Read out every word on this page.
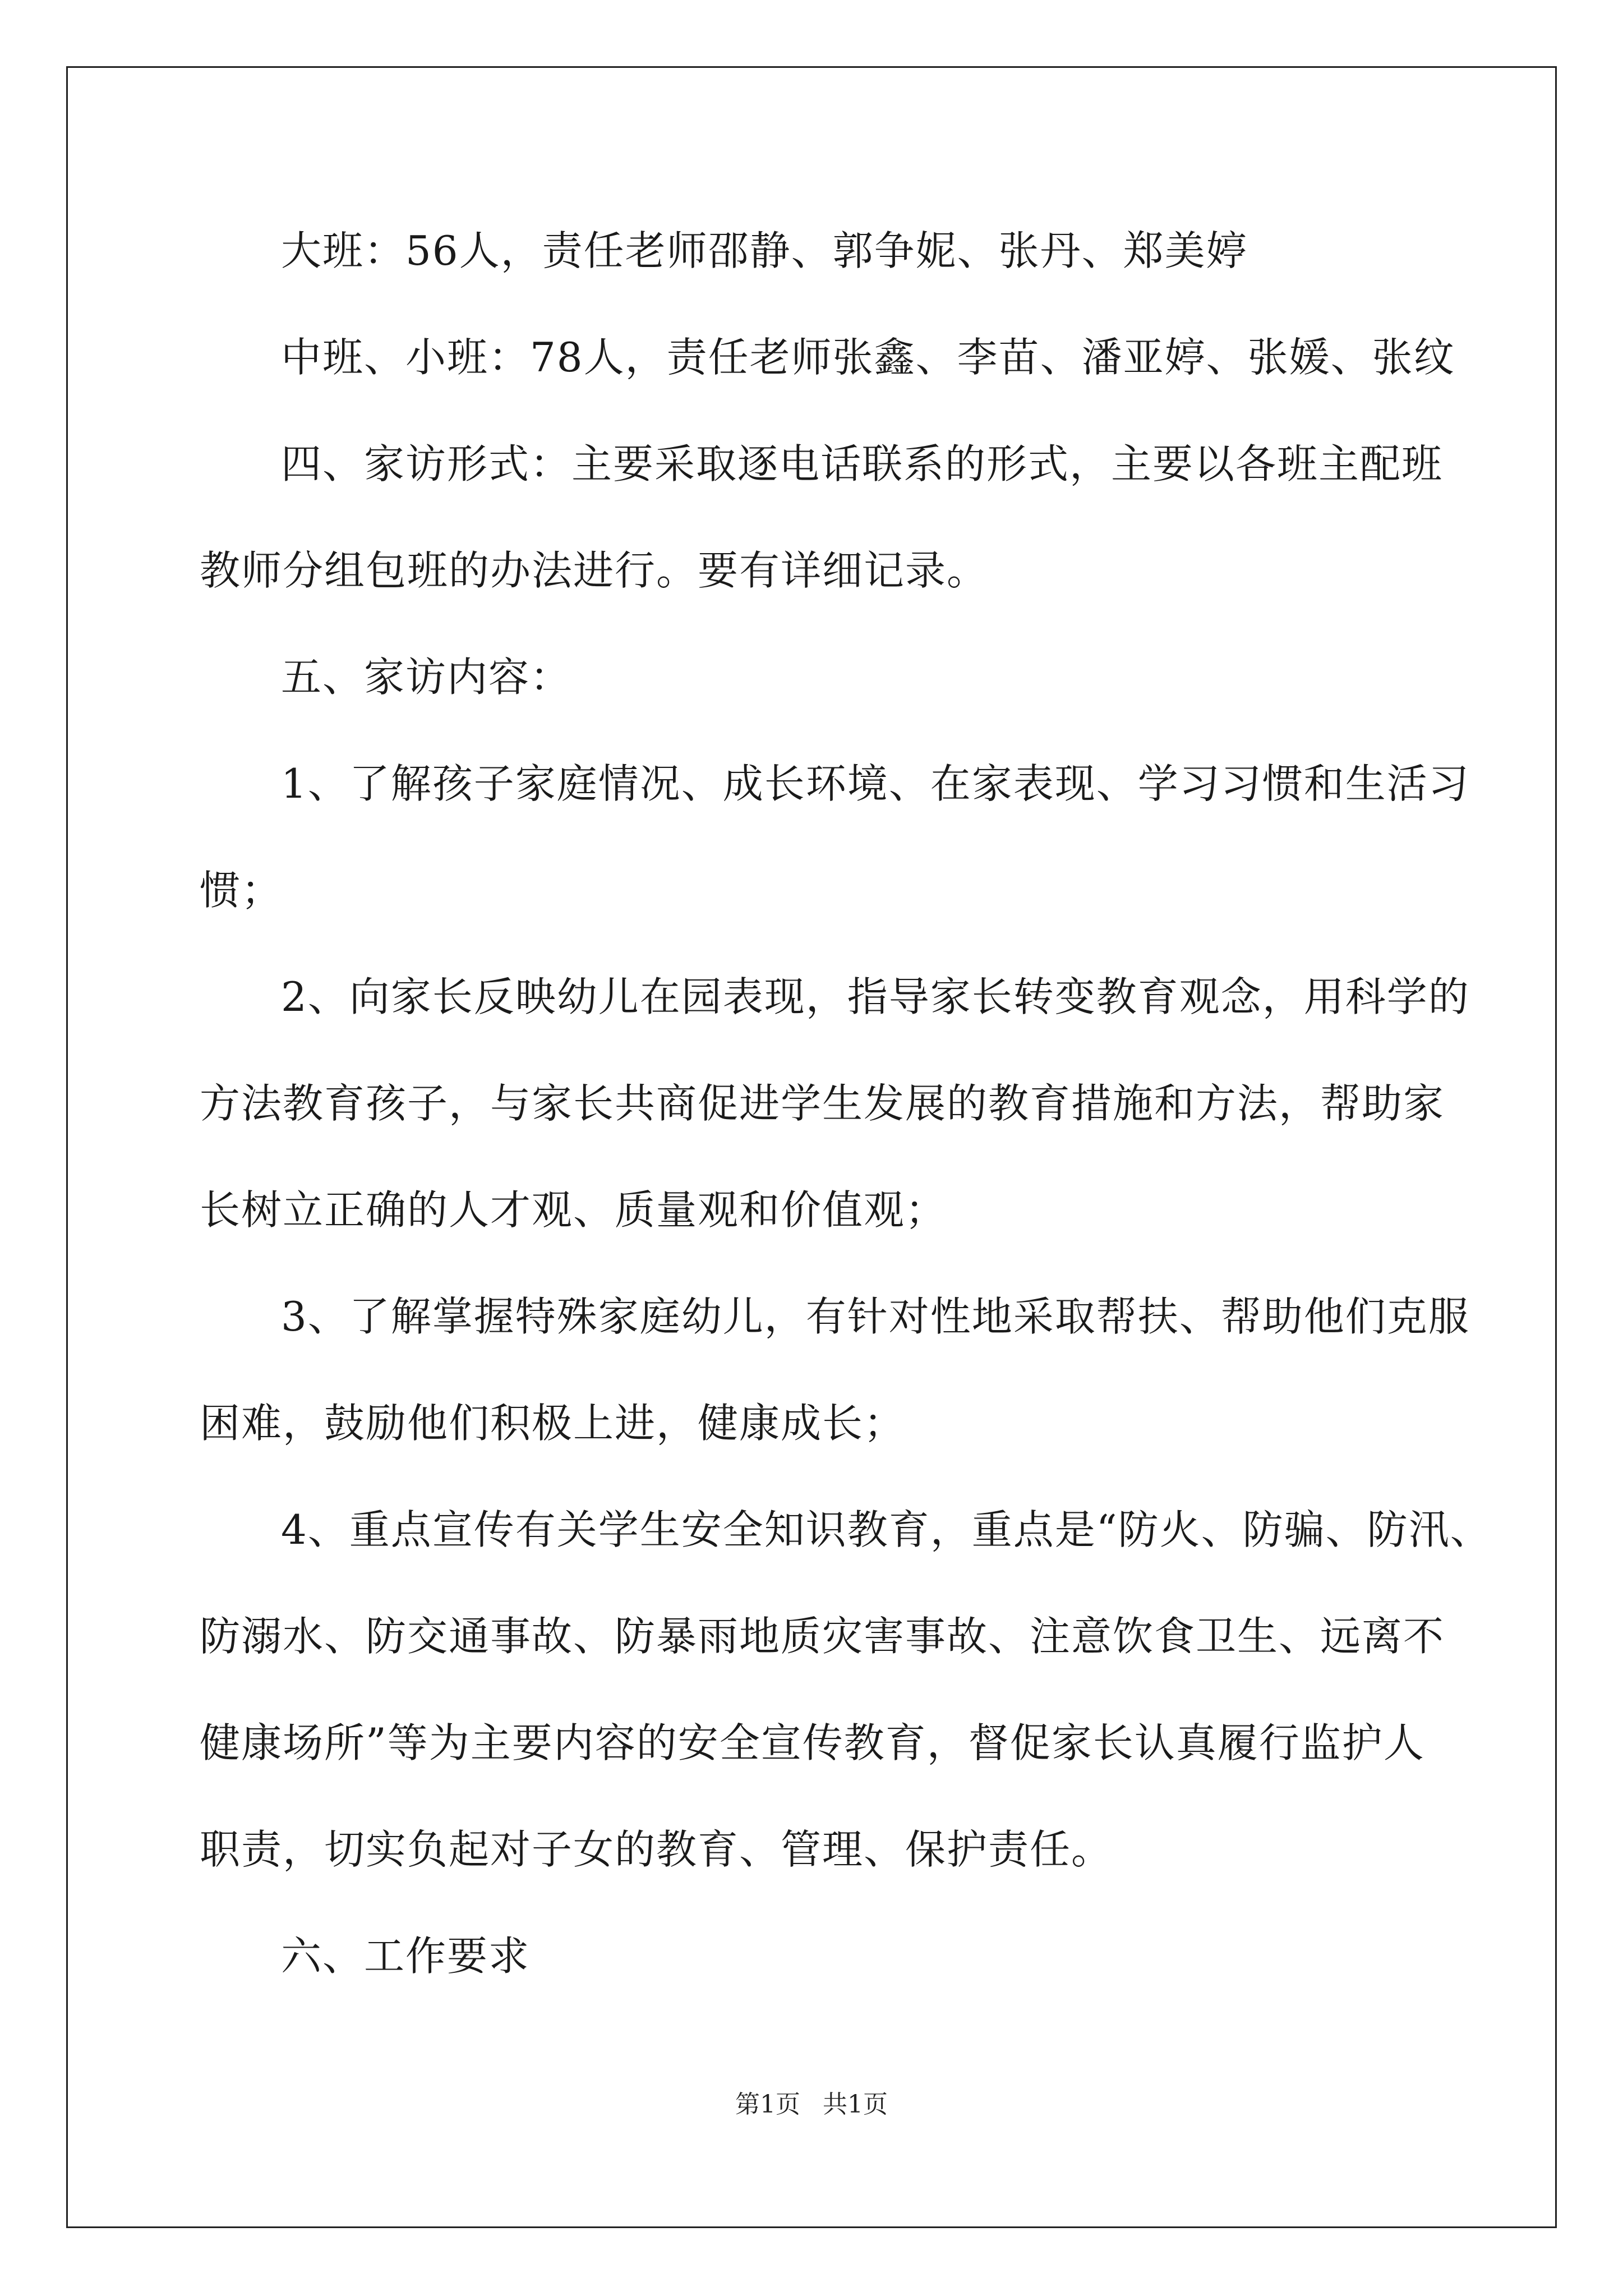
大班：56人，责任老师邵静、郭争妮、张丹、郑美婷
中班、小班：78人，责任老师张鑫、李苗、潘亚婷、张媛、张纹
四、家访形式：主要采取逐电话联系的形式，主要以各班主配班
教师分组包班的办法进行。要有详细记录。
五、家访内容：
1、了解孩子家庭情况、成长环境、在家表现、学习习惯和生活习
惯；
2、向家长反映幼儿在园表现，指导家长转变教育观念，用科学的
方法教育孩子，与家长共商促进学生发展的教育措施和方法，帮助家
长树立正确的人才观、质量观和价值观；
3、了解掌握特殊家庭幼儿，有针对性地采取帮扶、帮助他们克服
困难，鼓励他们积极上进，健康成长；
4、重点宣传有关学生安全知识教育，重点是“防火、防骗、防汛、
防溺水、防交通事故、防暴雨地质灾害事故、注意饮食卫生、远离不
健康场所”等为主要内容的安全宣传教育，督促家长认真履行监护人
职责，切实负起对子女的教育、管理、保护责任。
六、工作要求
第1页 共1页
